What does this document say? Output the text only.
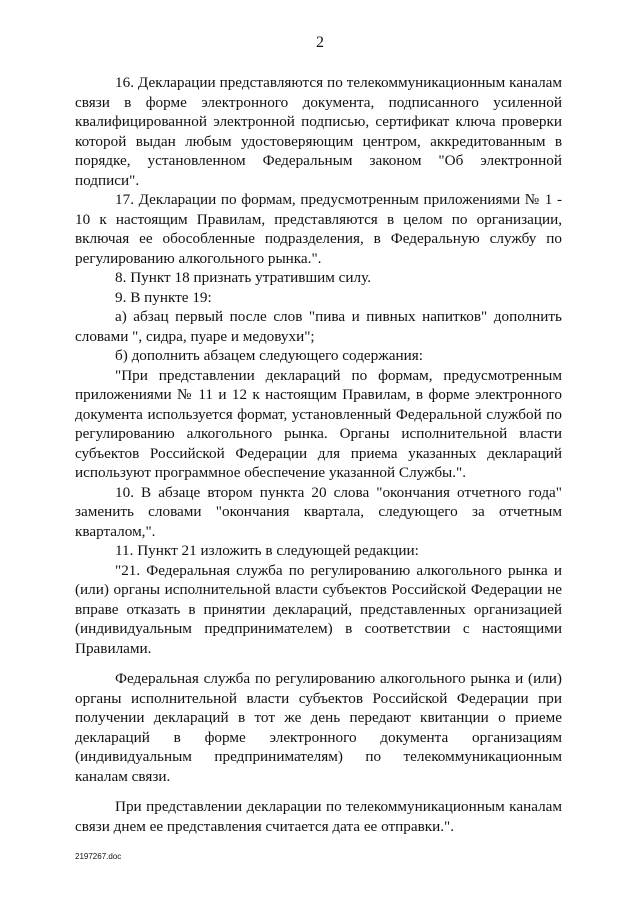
2

16. Декларации представляются по телекоммуникационным каналам связи в форме электронного документа, подписанного усиленной квалифицированной электронной подписью, сертификат ключа проверки которой выдан любым удостоверяющим центром, аккредитованным в порядке, установленном Федеральным законом "Об электронной подписи".

17. Декларации по формам, предусмотренным приложениями № 1 - 10 к настоящим Правилам, представляются в целом по организации, включая ее обособленные подразделения, в Федеральную службу по регулированию алкогольного рынка.".

8. Пункт 18 признать утратившим силу.

9. В пункте 19:

а) абзац первый после слов "пива и пивных напитков" дополнить словами ", сидра, пуаре и медовухи";

б) дополнить абзацем следующего содержания:

"При представлении деклараций по формам, предусмотренным приложениями № 11 и 12 к настоящим Правилам, в форме электронного документа используется формат, установленный Федеральной службой по регулированию алкогольного рынка. Органы исполнительной власти субъектов Российской Федерации для приема указанных деклараций используют программное обеспечение указанной Службы.".

10. В абзаце втором пункта 20 слова "окончания отчетного года" заменить словами "окончания квартала, следующего за отчетным кварталом,".

11. Пункт 21 изложить в следующей редакции:

"21. Федеральная служба по регулированию алкогольного рынка и (или) органы исполнительной власти субъектов Российской Федерации не вправе отказать в принятии деклараций, представленных организацией (индивидуальным предпринимателем) в соответствии с настоящими Правилами.

Федеральная служба по регулированию алкогольного рынка и (или) органы исполнительной власти субъектов Российской Федерации при получении деклараций в тот же день передают квитанции о приеме деклараций в форме электронного документа организациям (индивидуальным предпринимателям) по телекоммуникационным каналам связи.

При представлении декларации по телекоммуникационным каналам связи днем ее представления считается дата ее отправки.".

2197267.doc
